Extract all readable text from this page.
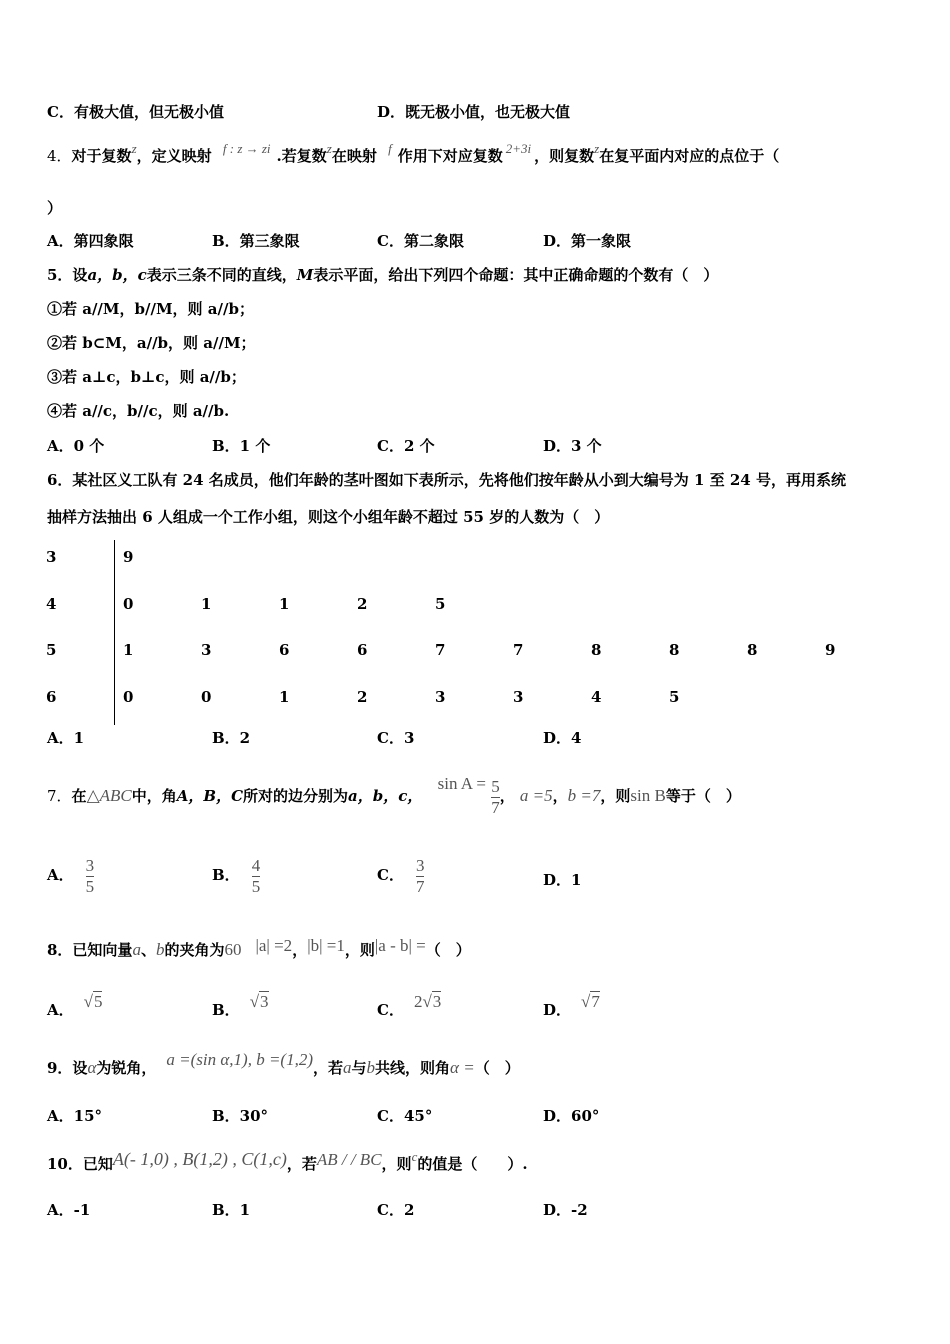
C．有极大值，但无极小值	D．既无极小值，也无极大值
4．对于复数z，定义映射 f : z → zi .若复数z在映射 f 作用下对应复数 2+3i ，则复数z在复平面内对应的点位于（
）
A．第四象限	B．第三象限	C．第二象限	D．第一象限
5．设a，b，c表示三条不同的直线，M表示平面，给出下列四个命题：其中正确命题的个数有（　）
①若 a//M，b//M，则 a//b；
②若 b⊂M，a//b，则 a//M；
③若 a⊥c，b⊥c，则 a//b；
④若 a//c，b//c，则 a//b.
A．0 个	B．1 个	C．2 个	D．3 个
6．某社区义工队有 24 名成员，他们年龄的茎叶图如下表所示，先将他们按年龄从小到大编号为 1 至 24 号，再用系统
抽样方法抽出 6 人组成一个工作小组，则这个小组年龄不超过 55 岁的人数为（　）
3	9
4	0	1	1	2	5
5	1	3	6	6	7	7	8	8	8	9
6	0	0	1	2	3	3	4	5
A．1	B．2	C．3	D．4
7．在△ABC中，角A，B，C所对的边分别为a，b，c， $\sin A = \frac{5}{7}$ ， a =5，b =7，则sin B等于（　）
A． $\frac{3}{5}$	B． $\frac{4}{5}$	C． $\frac{3}{7}$	D．1
8．已知向量a、b的夹角为60 |a| =2，|b| =1，则|a - b| =（　）
A． √5	B． √3	C． 2√3	D． √7
9．设α为锐角， a =(sin α,1), b =(1,2)，若a与b共线，则角α =（　）
A．15°	B．30°	C．45°	D．60°
10．已知A(- 1,0) , B(1,2) , C(1,c)，若AB / / BC，则c的值是（　　）.
A．-1	B．1	C．2	D．-2
